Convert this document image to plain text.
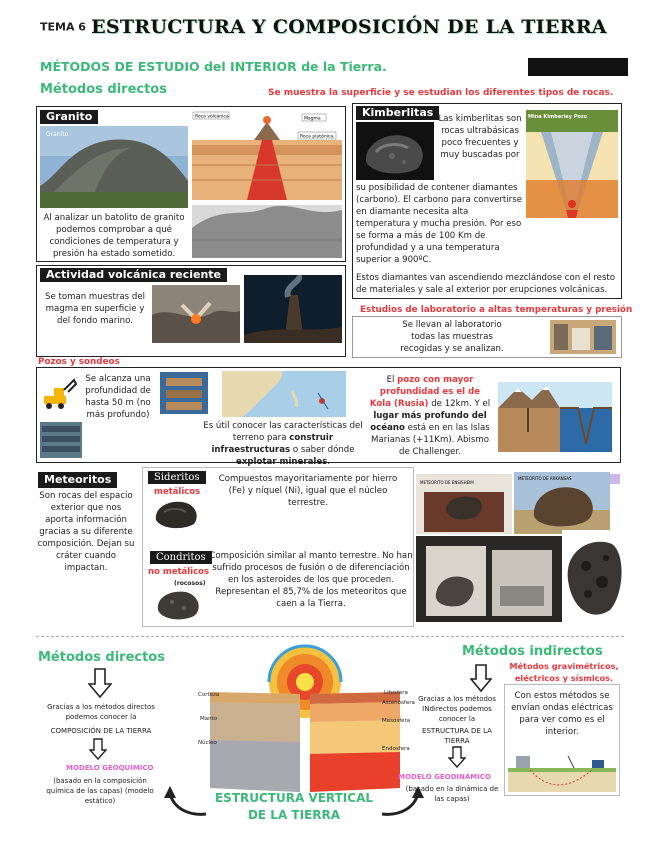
TEMA 6 ESTRUCTURA Y COMPOSICIÓN DE LA TIERRA
MÉTODOS DE ESTUDIO del INTERIOR de la Tierra.
Métodos directos	Se muestra la superficie y se estudian los diferentes tipos de rocas.
Granito
Granito
Al analizar un batolito de granito podemos comprobar a qué condiciones de temperatura y presión ha estado sometido.
Roca volcánica	Magma
Roca plutónica
Kimberlitas Las kimberlitas son rocas ultrabásicas poco frecuentes y muy buscadas por
Mina Kimberley Pozo
su posibilidad de contener diamantes (carbono). El carbono para convertirse en diamante necesita alta temperatura y mucha presión. Por eso se forma a más de 100 Km de profundidad y a una temperatura superior a 900ºC.
Estos diamantes van ascendiendo mezclándose con el resto de materiales y sale al exterior por erupciones volcánicas.
Actividad volcánica reciente
Se toman muestras del magma en superficie y del fondo marino.
Estudios de laboratorio a altas temperaturas y presión
Se llevan al laboratorio todas las muestras recogidas y se analizan.
Pozos y sondeos
Se alcanza una profundidad de hasta 50 m (no más profundo)
Es útil conocer las características del terreno para construir infraestructuras o saber dónde explotar minerales.
El pozo con mayor profundidad es el de Kola (Rusia) de 12km. Y el lugar más profundo del océano está en en las Islas Marianas (+11Km). Abismo de Challenger.
Meteoritos
Son rocas del espacio exterior que nos aporta información gracias a su diferente composición. Dejan su cráter cuando impactan.
Sideritos
metálicos
Compuestos mayoritariamente por hierro (Fe) y níquel (Ni), igual que el núcleo terrestre.
Condritos
no metálicos
(rocosos)
Composición similar al manto terrestre. No han sufrido procesos de fusión o de diferenciación en los asteroides de los que proceden. Representan el 85,7% de los meteoritos que caen a la Tierra.
METEORITO DE ENSISHEIM
METEORITO DE ARKANSAS
Métodos directos
Gracias a los métodos directos podemos conocer la
COMPOSICIÓN DE LA TIERRA
MODELO GEOQUÍMICO
(basado en la composición química de las capas) (modelo estático)
Corteza
Manto
Núcleo
Litosfera
Astenosfera
Mesosfera
Endosfera
ESTRUCTURA VERTICAL DE LA TIERRA
Métodos indirectos
Métodos gravimétricos, eléctricos y sísmicos.
Gracias a los métodos INdirectos podemos conocer la
ESTRUCTURA DE LA TIERRA
MODELO GEODINÁMICO
(basado en la dinámica de las capas)
Con estos métodos se envían ondas eléctricas para ver como es el interior.
